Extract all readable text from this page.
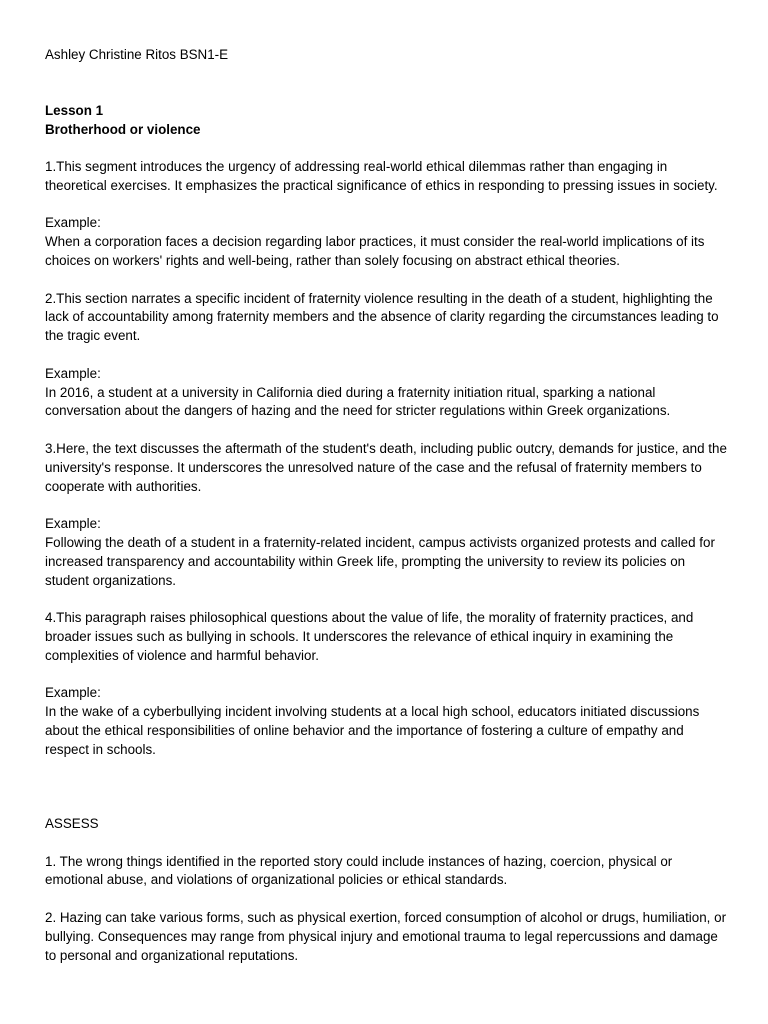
Ashley Christine Ritos BSN1-E

Lesson 1

Brotherhood or violence

1.This segment introduces the urgency of addressing real-world ethical dilemmas rather than engaging in theoretical exercises. It emphasizes the practical significance of ethics in responding to pressing issues in society.

Example:

When a corporation faces a decision regarding labor practices, it must consider the real-world implications of its choices on workers' rights and well-being, rather than solely focusing on abstract ethical theories.

2.This section narrates a specific incident of fraternity violence resulting in the death of a student, highlighting the lack of accountability among fraternity members and the absence of clarity regarding the circumstances leading to the tragic event.

Example:

In 2016, a student at a university in California died during a fraternity initiation ritual, sparking a national conversation about the dangers of hazing and the need for stricter regulations within Greek organizations.

3.Here, the text discusses the aftermath of the student's death, including public outcry, demands for justice, and the university's response. It underscores the unresolved nature of the case and the refusal of fraternity members to cooperate with authorities.

Example:

Following the death of a student in a fraternity-related incident, campus activists organized protests and called for increased transparency and accountability within Greek life, prompting the university to review its policies on student organizations.

4.This paragraph raises philosophical questions about the value of life, the morality of fraternity practices, and broader issues such as bullying in schools. It underscores the relevance of ethical inquiry in examining the complexities of violence and harmful behavior.

Example:

In the wake of a cyberbullying incident involving students at a local high school, educators initiated discussions about the ethical responsibilities of online behavior and the importance of fostering a culture of empathy and respect in schools.

ASSESS

1. The wrong things identified in the reported story could include instances of hazing, coercion, physical or emotional abuse, and violations of organizational policies or ethical standards.

2. Hazing can take various forms, such as physical exertion, forced consumption of alcohol or drugs, humiliation, or bullying. Consequences may range from physical injury and emotional trauma to legal repercussions and damage to personal and organizational reputations.
